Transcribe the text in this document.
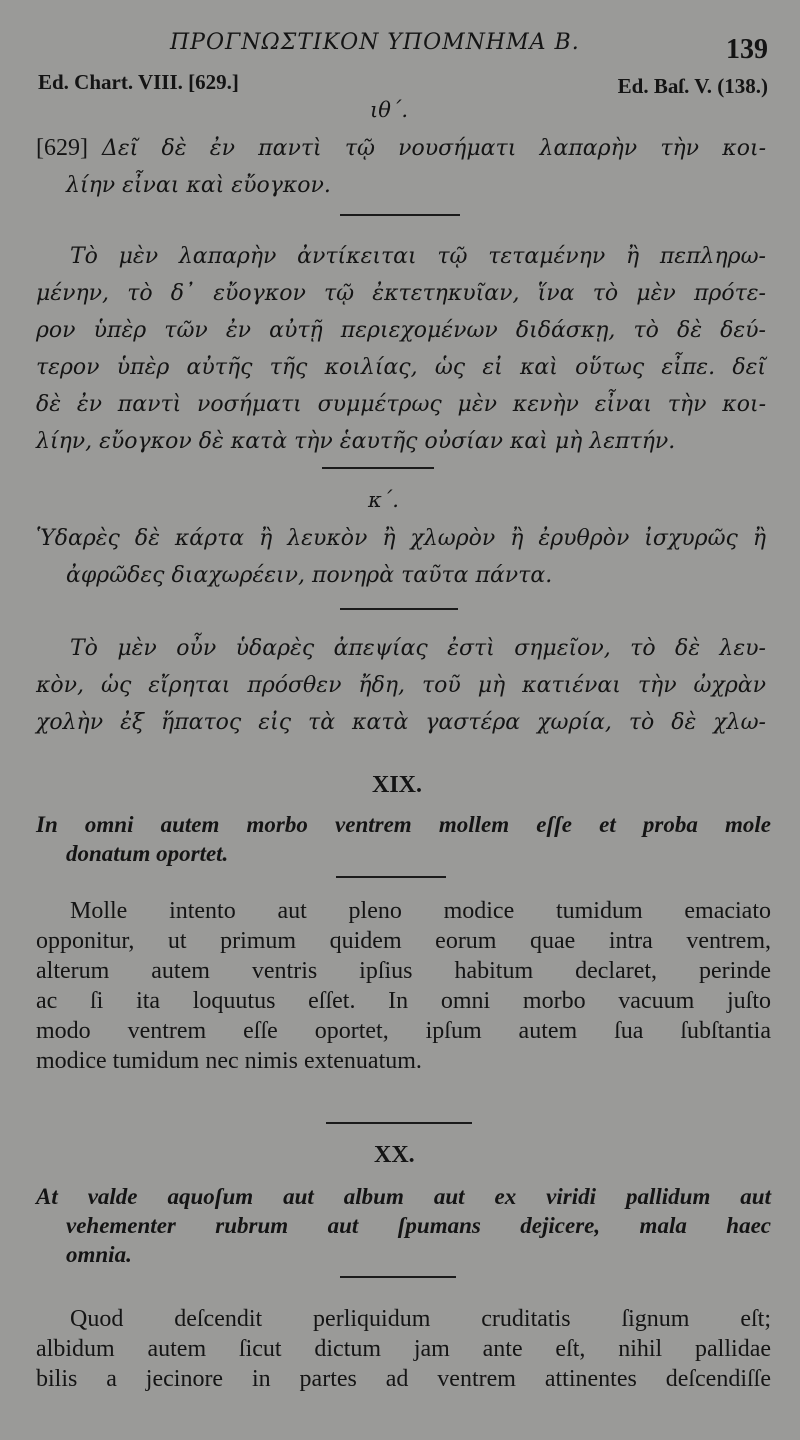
ΠΡΟΓΝΩΣΤΙΚΟΝ ΥΠΟΜΝΗΜΑ Β.	139
Ed. Chart. VIII. [629.]	Ed. Baſ. V. (138.)
ιθ΄.
[629] Δεῖ δὲ ἐν παντὶ τῷ νουσήματι λαπαρὴν τὴν κοι-
λίην εἶναι καὶ εὔογκον.
Τὸ μὲν λαπαρὴν ἀντίκειται τῷ τεταμένην ἢ πεπληρω-
μένην, τὸ δ᾽ εὔογκον τῷ ἐκτετηκυῖαν, ἵνα τὸ μὲν πρότε-
ρον ὑπὲρ τῶν ἐν αὐτῇ περιεχομένων διδάσκῃ, τὸ δὲ δεύ-
τερον ὑπὲρ αὐτῆς τῆς κοιλίας, ὡς εἰ καὶ οὕτως εἶπε. δεῖ
δὲ ἐν παντὶ νοσήματι συμμέτρως μὲν κενὴν εἶναι τὴν κοι-
λίην, εὔογκον δὲ κατὰ τὴν ἑαυτῆς οὐσίαν καὶ μὴ λεπτήν.
κ΄.
Ὑδαρὲς δὲ κάρτα ἢ λευκὸν ἢ χλωρὸν ἢ ἐρυθρὸν ἰσχυρῶς ἢ
ἀφρῶδες διαχωρέειν, πονηρὰ ταῦτα πάντα.
Τὸ μὲν οὖν ὑδαρὲς ἀπεψίας ἐστὶ σημεῖον, τὸ δὲ λευ-
κὸν, ὡς εἴρηται πρόσθεν ἤδη, τοῦ μὴ κατιέναι τὴν ὠχρὰν
χολὴν ἐξ ἥπατος εἰς τὰ κατὰ γαστέρα χωρία, τὸ δὲ χλω-
XIX.
In omni autem morbo ventrem mollem eſſe et proba mole
donatum oportet.
Molle intento aut pleno modice tumidum emaciato
opponitur, ut primum quidem eorum quae intra ventrem,
alterum autem ventris ipſius habitum declaret, perinde
ac ſi ita loquutus eſſet. In omni morbo vacuum juſto
modo ventrem eſſe oportet, ipſum autem ſua ſubſtantia
modice tumidum nec nimis extenuatum.
XX.
At valde aquoſum aut album aut ex viridi pallidum aut
vehementer rubrum aut ſpumans dejicere, mala haec
omnia.
Quod deſcendit perliquidum cruditatis ſignum eſt;
albidum autem ſicut dictum jam ante eſt, nihil pallidae
bilis a jecinore in partes ad ventrem attinentes deſcendiſſe
